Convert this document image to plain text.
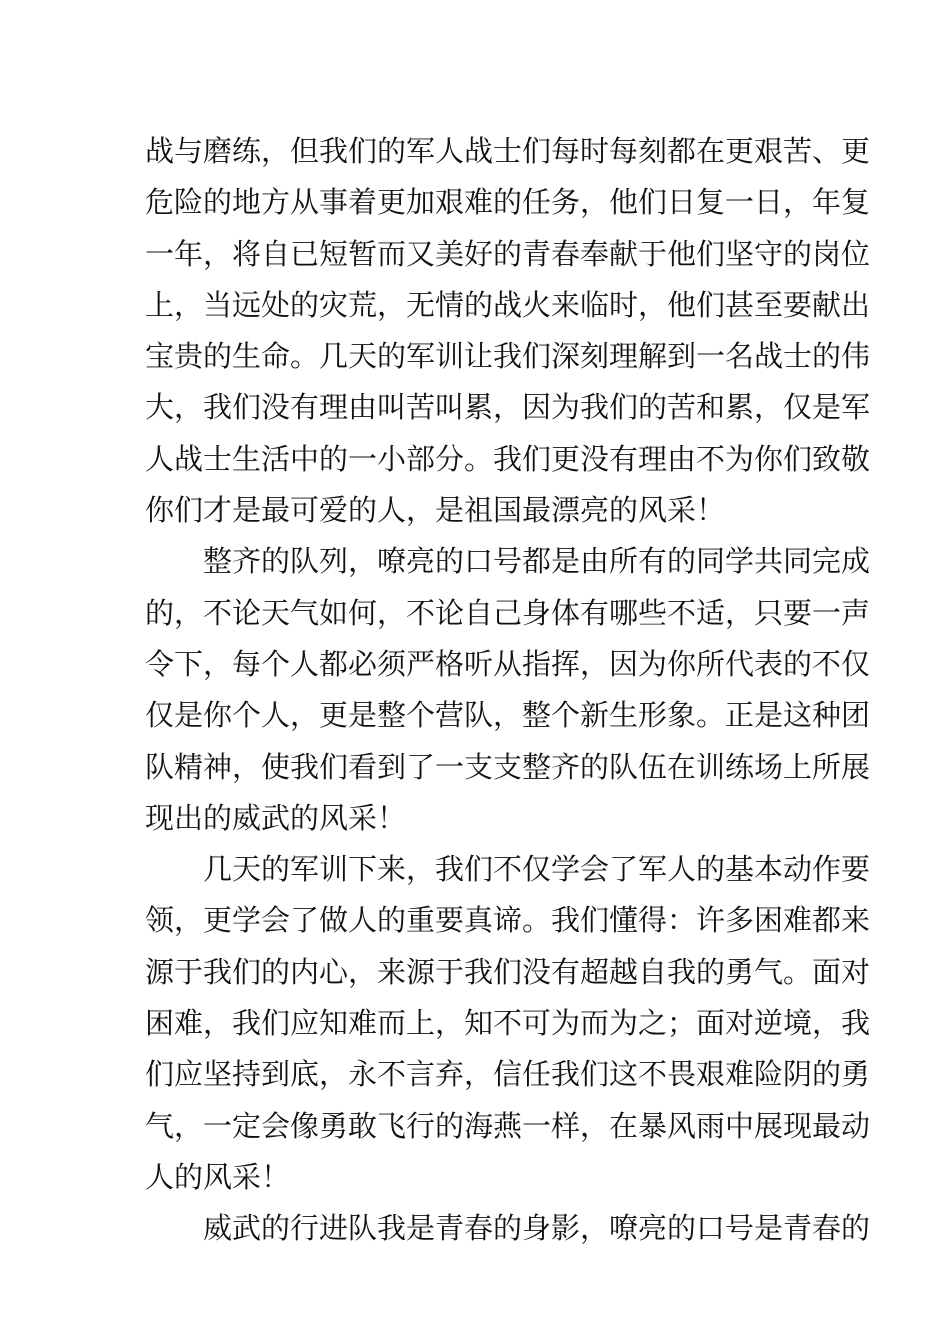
战与磨练，但我们的军人战士们每时每刻都在更艰苦、更
危险的地方从事着更加艰难的任务，他们日复一日，年复
一年，将自已短暂而又美好的青春奉献于他们坚守的岗位
上，当远处的灾荒，无情的战火来临时，他们甚至要献出
宝贵的生命。几天的军训让我们深刻理解到一名战士的伟
大，我们没有理由叫苦叫累，因为我们的苦和累，仅是军
人战士生活中的一小部分。我们更没有理由不为你们致敬
你们才是最可爱的人，是祖国最漂亮的风采！
整齐的队列，嘹亮的口号都是由所有的同学共同完成
的，不论天气如何，不论自己身体有哪些不适，只要一声
令下，每个人都必须严格听从指挥，因为你所代表的不仅
仅是你个人，更是整个营队，整个新生形象。正是这种团
队精神，使我们看到了一支支整齐的队伍在训练场上所展
现出的威武的风采！
几天的军训下来，我们不仅学会了军人的基本动作要
领，更学会了做人的重要真谛。我们懂得：许多困难都来
源于我们的内心，来源于我们没有超越自我的勇气。面对
困难，我们应知难而上，知不可为而为之；面对逆境，我
们应坚持到底，永不言弃，信任我们这不畏艰难险阴的勇
气，一定会像勇敢飞行的海燕一样，在暴风雨中展现最动
人的风采！
威武的行进队我是青春的身影，嘹亮的口号是青春的
